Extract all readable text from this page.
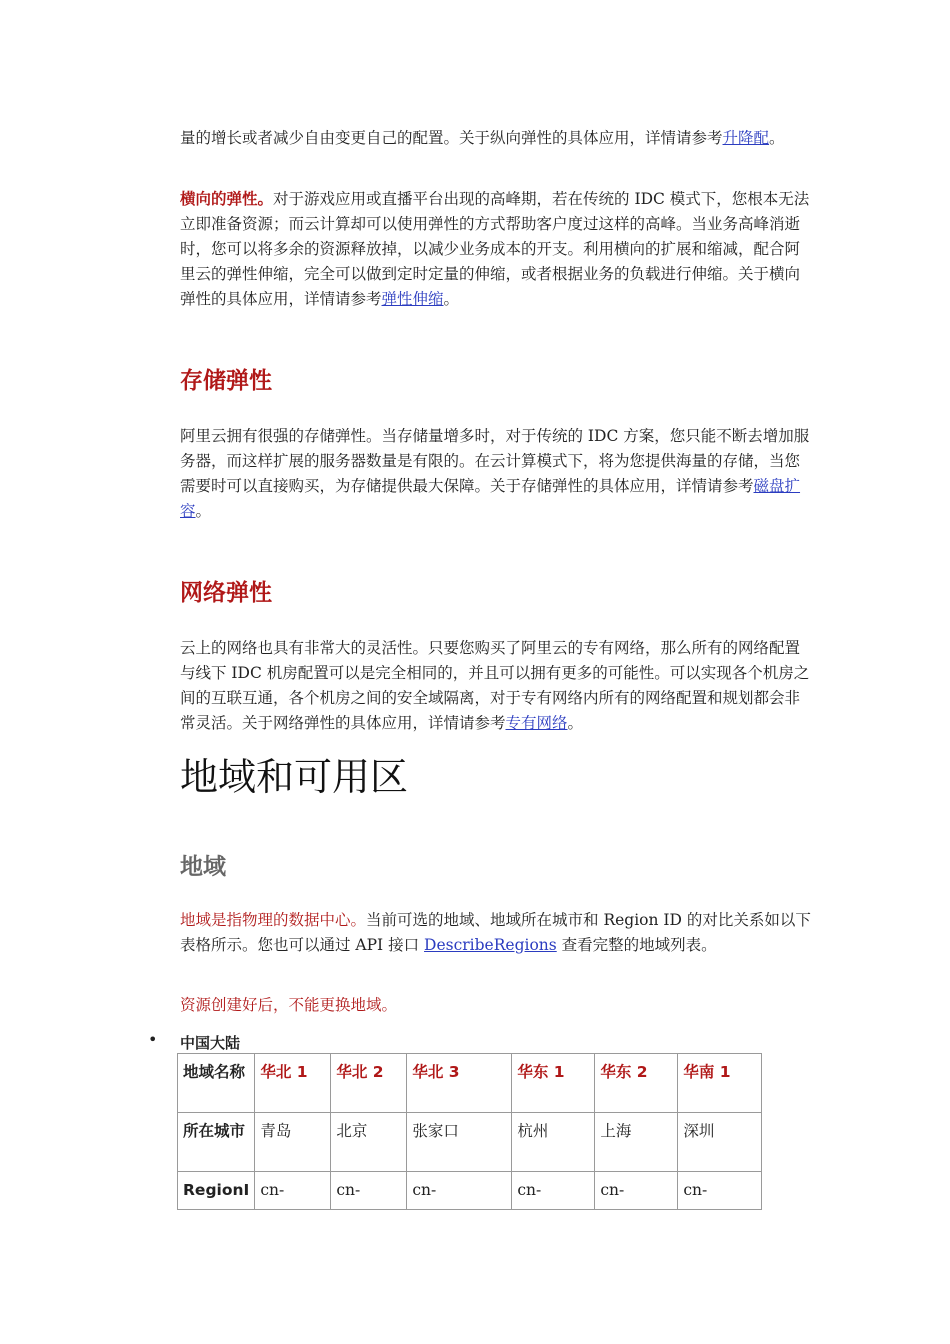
量的增长或者减少自由变更自己的配置。关于纵向弹性的具体应用，详情请参考升降配。

横向的弹性。对于游戏应用或直播平台出现的高峰期，若在传统的 IDC 模式下，您根本无法立即准备资源；而云计算却可以使用弹性的方式帮助客户度过这样的高峰。当业务高峰消逝时，您可以将多余的资源释放掉，以减少业务成本的开支。利用横向的扩展和缩减，配合阿里云的弹性伸缩，完全可以做到定时定量的伸缩，或者根据业务的负载进行伸缩。关于横向弹性的具体应用，详情请参考弹性伸缩。

存储弹性

阿里云拥有很强的存储弹性。当存储量增多时，对于传统的 IDC 方案，您只能不断去增加服务器，而这样扩展的服务器数量是有限的。在云计算模式下，将为您提供海量的存储，当您需要时可以直接购买，为存储提供最大保障。关于存储弹性的具体应用，详情请参考磁盘扩容。

网络弹性

云上的网络也具有非常大的灵活性。只要您购买了阿里云的专有网络，那么所有的网络配置与线下 IDC 机房配置可以是完全相同的，并且可以拥有更多的可能性。可以实现各个机房之间的互联互通，各个机房之间的安全域隔离，对于专有网络内所有的网络配置和规划都会非常灵活。关于网络弹性的具体应用，详情请参考专有网络。

地域和可用区
地域

地域是指物理的数据中心。当前可选的地域、地域所在城市和 Region ID 的对比关系如以下表格所示。您也可以通过 API 接口 DescribeRegions 查看完整的地域列表。

资源创建好后，不能更换地域。

• 中国大陆
地域名称	华北 1	华北 2	华北 3	华东 1	华东 2	华南 1
所在城市	青岛	北京	张家口	杭州	上海	深圳
RegionI	cn-	cn-	cn-	cn-	cn-	cn-
